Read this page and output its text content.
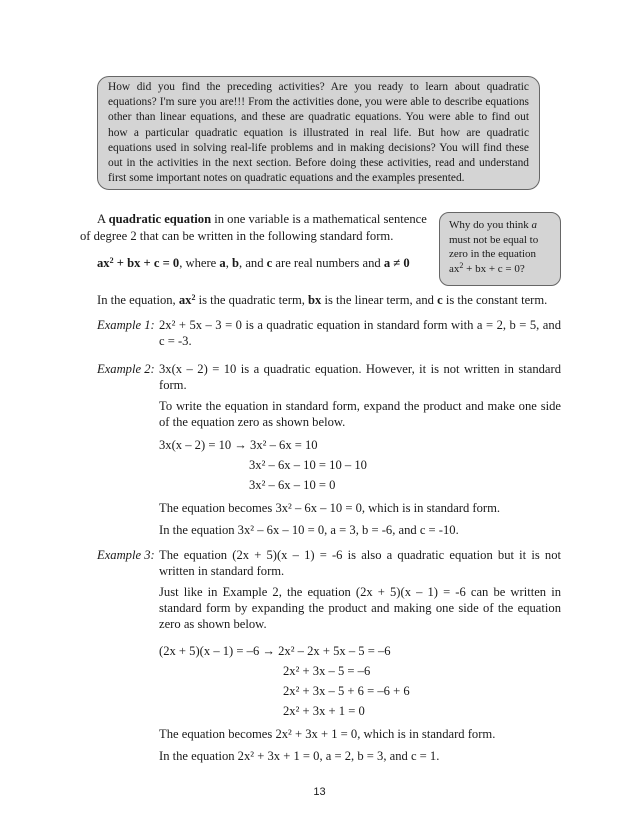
How did you find the preceding activities? Are you ready to learn about quadratic equations? I'm sure you are!!! From the activities done, you were able to describe equations other than linear equations, and these are quadratic equations. You were able to find out how a particular quadratic equation is illustrated in real life. But how are quadratic equations used in solving real-life problems and in making decisions? You will find these out in the activities in the next section. Before doing these activities, read and understand first some important notes on quadratic equations and the examples presented.

A quadratic equation in one variable is a mathematical sentence
of degree 2 that can be written in the following standard form.

Why do you think a must not be equal to zero in the equation $ax^2$ + bx + c = 0?

$ax^2$ + bx + c = 0, where a, b, and c are real numbers and a ≠ 0
In the equation, $ax^2$ is the quadratic term, bx is the linear term, and c is the constant term.
Example 1: 2x² + 5x – 3 = 0 is a quadratic equation in standard form with a = 2, b = 5, and c = -3.
Example 2: 3x(x – 2) = 10 is a quadratic equation. However, it is not written in standard form.
To write the equation in standard form, expand the product and make one side of the equation zero as shown below.
3x(x – 2) = 10 → 3x² – 6x = 10
3x² – 6x – 10 = 10 – 10
3x² – 6x – 10 = 0
The equation becomes 3x² – 6x – 10 = 0, which is in standard form.
In the equation 3x² – 6x – 10 = 0, a = 3, b = -6, and c = -10.
Example 3: The equation (2x + 5)(x – 1) = -6 is also a quadratic equation but it is not written in standard form.
Just like in Example 2, the equation (2x + 5)(x – 1) = -6 can be written in standard form by expanding the product and making one side of the equation zero as shown below.
(2x + 5)(x – 1) = –6 → 2x² – 2x + 5x – 5 = –6
2x² + 3x – 5 = –6
2x² + 3x – 5 + 6 = –6 + 6
2x² + 3x + 1 = 0
The equation becomes 2x² + 3x + 1 = 0, which is in standard form.
In the equation 2x² + 3x + 1 = 0, a = 2, b = 3, and c = 1.
13
